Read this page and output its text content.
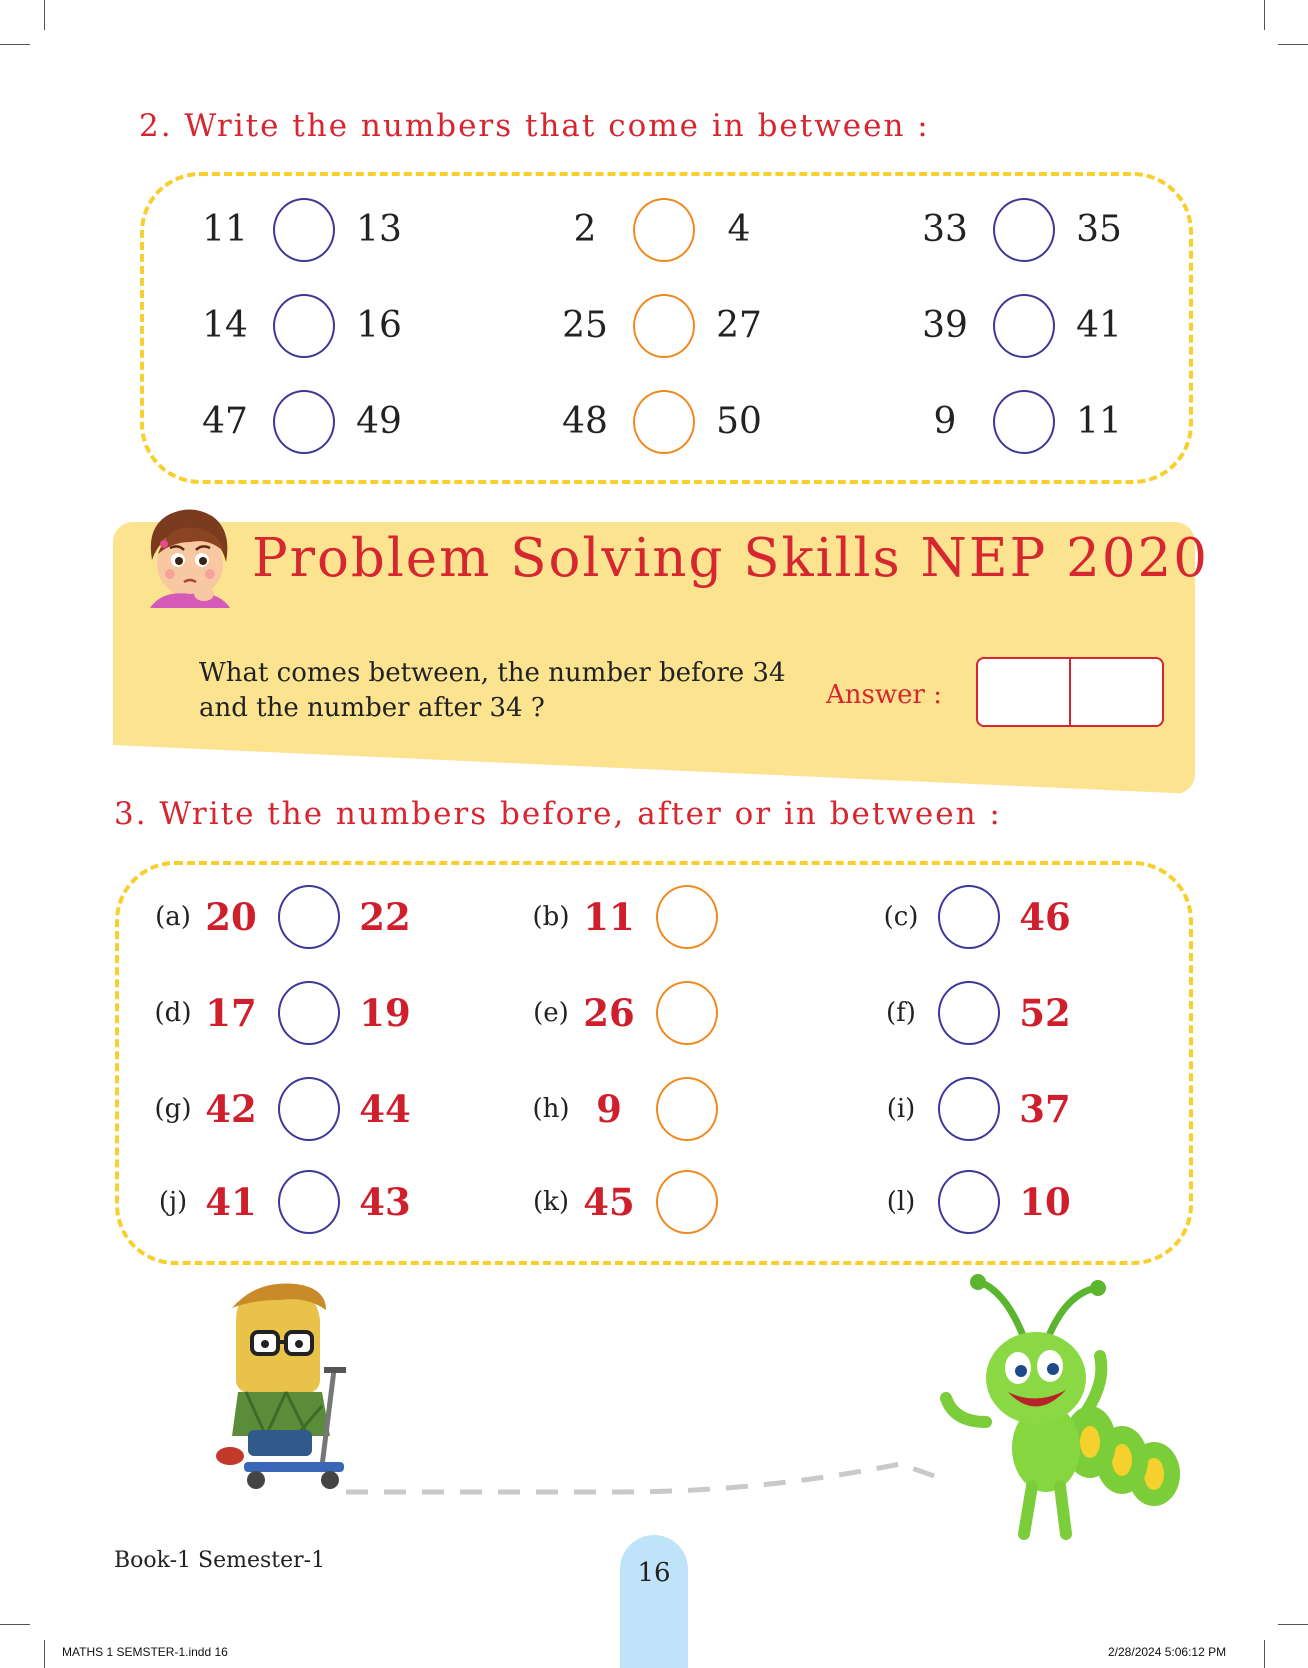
2. Write the numbers that come in between :
11	13	2	4	33	35
14	16	25	27	39	41
47	49	48	50	9	11
Problem Solving Skills NEP 2020
What comes between, the number before 34
and the number after 34 ?	Answer :
3. Write the numbers before, after or in between :
(a) 20	22	(b) 11	(c)	46
(d) 17	19	(e) 26	(f)	52
(g) 42	44	(h) 9	(i)	37
(j) 41	43	(k) 45	(l)	10
Book-1 Semester-1	16
MATHS 1 SEMSTER-1.indd 16	2/28/2024 5:06:12 PM
